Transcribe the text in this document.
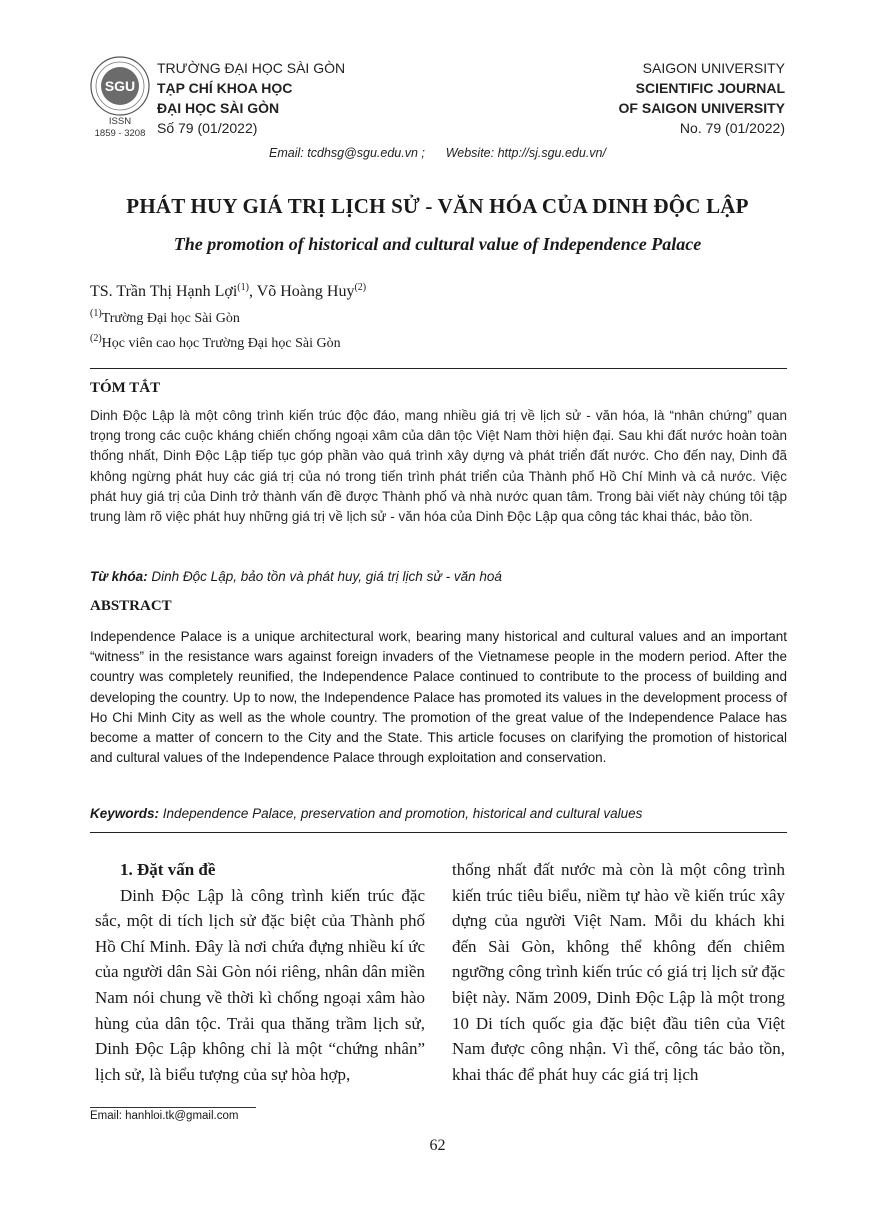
SGU
ISSN
1859 - 3208
TRƯỜNG ĐẠI HỌC SÀI GÒN
TẠP CHÍ KHOA HỌC
ĐẠI HỌC SÀI GÒN
Số 79 (01/2022)
SAIGON UNIVERSITY
SCIENTIFIC JOURNAL
OF SAIGON UNIVERSITY
No. 79 (01/2022)
Email: tcdhsg@sgu.edu.vn ;      Website: http://sj.sgu.edu.vn/
PHÁT HUY GIÁ TRỊ LỊCH SỬ - VĂN HÓA CỦA DINH ĐỘC LẬP
The promotion of historical and cultural value of Independence Palace
TS. Trần Thị Hạnh Lợi$^{(1)}$, Võ Hoàng Huy$^{(2)}$
$^{(1)}$Trường Đại học Sài Gòn
$^{(2)}$Học viên cao học Trường Đại học Sài Gòn
TÓM TẮT
Dinh Độc Lập là một công trình kiến trúc độc đáo, mang nhiều giá trị về lịch sử - văn hóa, là “nhân chứng” quan trọng trong các cuộc kháng chiến chống ngoại xâm của dân tộc Việt Nam thời hiện đại. Sau khi đất nước hoàn toàn thống nhất, Dinh Độc Lập tiếp tục góp phần vào quá trình xây dựng và phát triển đất nước. Cho đến nay, Dinh đã không ngừng phát huy các giá trị của nó trong tiến trình phát triển của Thành phố Hồ Chí Minh và cả nước. Việc phát huy giá trị của Dinh trở thành vấn đề được Thành phố và nhà nước quan tâm. Trong bài viết này chúng tôi tập trung làm rõ việc phát huy những giá trị về lịch sử - văn hóa của Dinh Độc Lập qua công tác khai thác, bảo tồn.
Từ khóa: Dinh Độc Lập, bảo tồn và phát huy, giá trị lịch sử - văn hoá
ABSTRACT
Independence Palace is a unique architectural work, bearing many historical and cultural values and an important “witness” in the resistance wars against foreign invaders of the Vietnamese people in the modern period. After the country was completely reunified, the Independence Palace continued to contribute to the process of building and developing the country. Up to now, the Independence Palace has promoted its values in the development process of Ho Chi Minh City as well as the whole country. The promotion of the great value of the Independence Palace has become a matter of concern to the City and the State. This article focuses on clarifying the promotion of historical and cultural values of the Independence Palace through exploitation and conservation.
Keywords: Independence Palace, preservation and promotion, historical and cultural values
1. Đặt vấn đề
Dinh Độc Lập là công trình kiến trúc đặc sắc, một di tích lịch sử đặc biệt của Thành phố Hồ Chí Minh. Đây là nơi chứa đựng nhiều kí ức của người dân Sài Gòn nói riêng, nhân dân miền Nam nói chung về thời kì chống ngoại xâm hào hùng của dân tộc. Trải qua thăng trầm lịch sử, Dinh Độc Lập không chỉ là một “chứng nhân” lịch sử, là biểu tượng của sự hòa hợp,
thống nhất đất nước mà còn là một công trình kiến trúc tiêu biểu, niềm tự hào về kiến trúc xây dựng của người Việt Nam. Mỗi du khách khi đến Sài Gòn, không thể không đến chiêm ngưỡng công trình kiến trúc có giá trị lịch sử đặc biệt này. Năm 2009, Dinh Độc Lập là một trong 10 Di tích quốc gia đặc biệt đầu tiên của Việt Nam được công nhận. Vì thế, công tác bảo tồn, khai thác để phát huy các giá trị lịch
Email: hanhloi.tk@gmail.com
62
